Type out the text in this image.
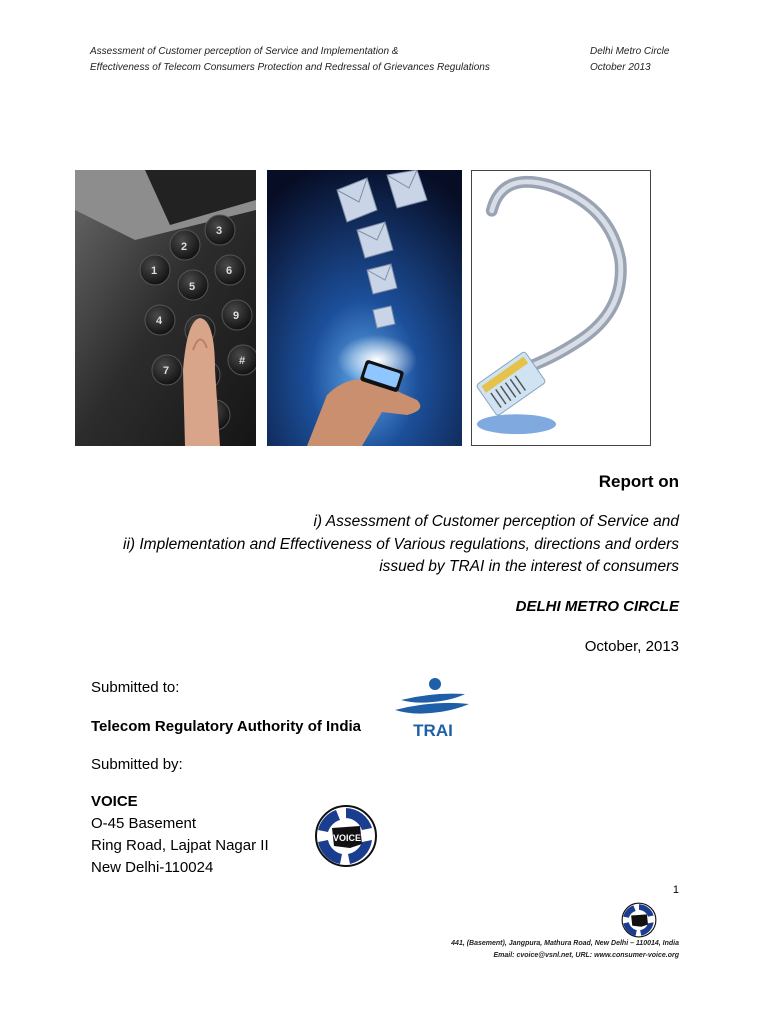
Assessment of Customer perception of Service and Implementation &
Effectiveness of Telecom Consumers Protection and Redressal of Grievances Regulations
Delhi Metro Circle
October 2013
2
3
1
5
6
4	9
7
#
Report on
i) Assessment of Customer perception of Service and
ii) Implementation and Effectiveness of Various regulations, directions and orders
issued by TRAI in the interest of consumers
DELHI METRO CIRCLE
October, 2013
Submitted to:
Telecom Regulatory Authority of India	TRAI
Submitted by:
VOICE
O-45 Basement
Ring Road, Lajpat Nagar II
New Delhi-110024
VOICE
1
441, (Basement), Jangpura, Mathura Road, New Delhi – 110014, India
Email: cvoice@vsnl.net, URL: www.consumer-voice.org
